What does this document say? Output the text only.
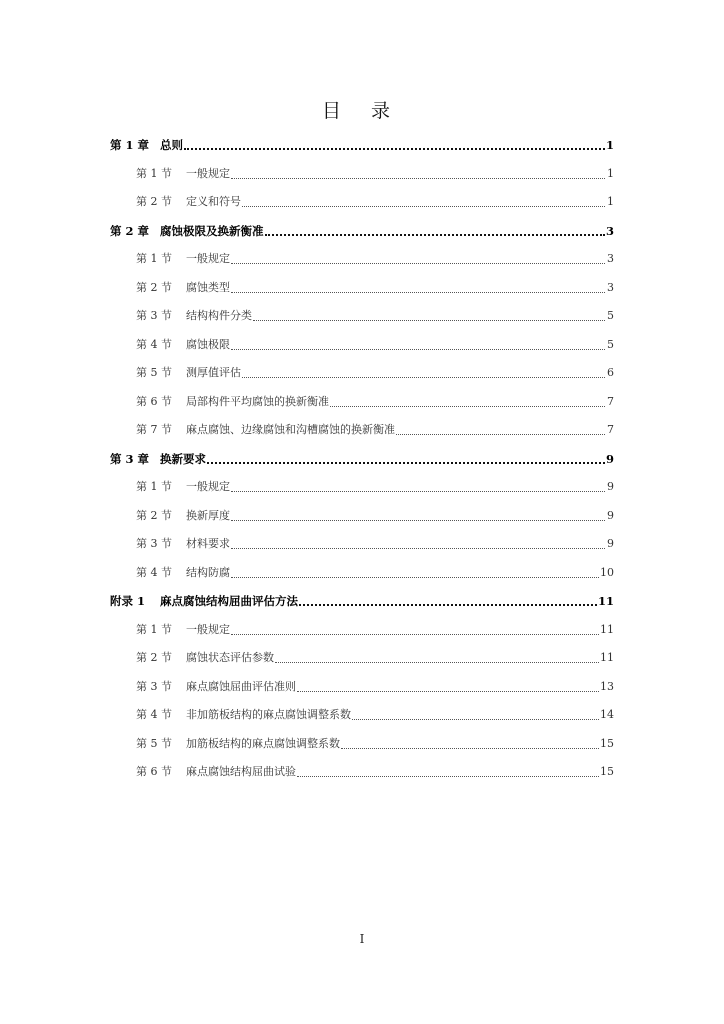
目 录
第 1 章 总则	1
第 1 节	一般规定	1
第 2 节	定义和符号	1
第 2 章 腐蚀极限及换新衡准	3
第 1 节	一般规定	3
第 2 节	腐蚀类型	3
第 3 节	结构构件分类	5
第 4 节	腐蚀极限	5
第 5 节	测厚值评估	6
第 6 节	局部构件平均腐蚀的换新衡准	7
第 7 节	麻点腐蚀、边缘腐蚀和沟槽腐蚀的换新衡准	7
第 3 章 换新要求	9
第 1 节	一般规定	9
第 2 节	换新厚度	9
第 3 节	材料要求	9
第 4 节	结构防腐	10
附录 1	麻点腐蚀结构屈曲评估方法	11
第 1 节	一般规定	11
第 2 节	腐蚀状态评估参数	11
第 3 节	麻点腐蚀屈曲评估准则	13
第 4 节	非加筋板结构的麻点腐蚀调整系数	14
第 5 节	加筋板结构的麻点腐蚀调整系数	15
第 6 节	麻点腐蚀结构屈曲试验	15
I
